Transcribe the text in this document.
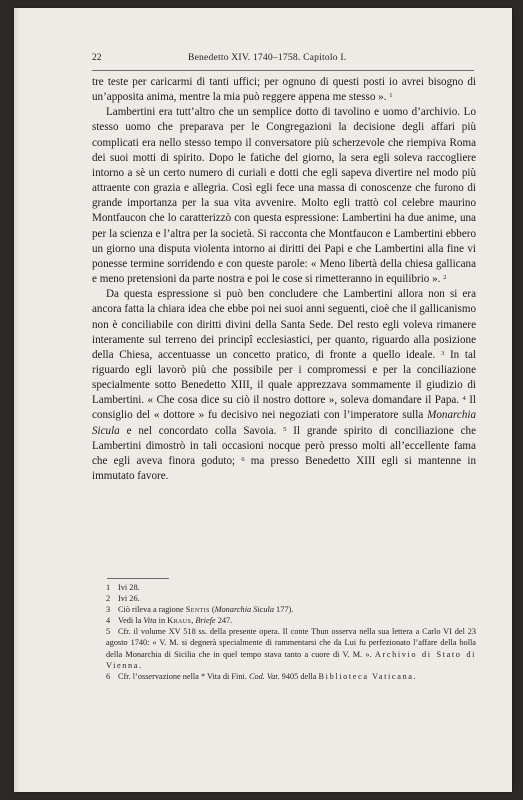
22	Benedetto XIV. 1740–1758. Capitolo I.

tre teste per caricarmi di tanti uffici; per ognuno di questi posti io avrei bisogno di un’apposita anima, mentre la mia può reggere appena me stesso ». $^1$

Lambertini era tutt’altro che un semplice dotto di tavolino e uomo d’archivio. Lo stesso uomo che preparava per le Congregazioni la decisione degli affari più complicati era nello stesso tempo il conversatore più scherzevole che riempiva Roma dei suoi motti di spirito. Dopo le fatiche del giorno, la sera egli soleva raccogliere intorno a sè un certo numero di curiali e dotti che egli sapeva divertire nel modo più attraente con grazia e allegria. Così egli fece una massa di conoscenze che furono di grande importanza per la sua vita avvenire. Molto egli trattò col celebre maurino Montfaucon che lo caratterizzò con questa espressione: Lambertini ha due anime, una per la scienza e l’altra per la società. Si racconta che Montfaucon e Lambertini ebbero un giorno una disputa violenta intorno ai diritti dei Papi e che Lambertini alla fine vi ponesse termine sorridendo e con queste parole: « Meno libertà della chiesa gallicana e meno pretensioni da parte nostra e poi le cose si rimetteranno in equilibrio ». $^2$

Da questa espressione si può ben concludere che Lambertini allora non si era ancora fatta la chiara idea che ebbe poi nei suoi anni seguenti, cioè che il gallicanismo non è conciliabile con diritti divini della Santa Sede. Del resto egli voleva rimanere interamente sul terreno dei principî ecclesiastici, per quanto, riguardo alla posizione della Chiesa, accentuasse un concetto pratico, di fronte a quello ideale. $^3$ In tal riguardo egli lavorò più che possibile per i compromessi e per la conciliazione specialmente sotto Benedetto XIII, il quale apprezzava sommamente il giudizio di Lambertini. « Che cosa dice su ciò il nostro dottore », soleva domandare il Papa. $^4$ Il consiglio del « dottore » fu decisivo nei negoziati con l’imperatore sulla Monarchia Sicula e nel concordato colla Savoia. $^5$ Il grande spirito di conciliazione che Lambertini dimostrò in tali occasioni nocque però presso molti all’eccellente fama che egli aveva finora goduto; $^6$ ma presso Benedetto XIII egli si mantenne in immutato favore.

1 Ivi 28.

2 Ivi 26.

3 Ciò rileva a ragione Sentis (Monarchia Sicula 177).

4 Vedi la Vita in Kraus, Briefe 247.

5 Cfr. il volume XV 518 ss. della presente opera. Il conte Thun osserva nella sua lettera a Carlo VI del 23 agosto 1740: « V. M. si degnerà specialmente di rammentarsi che da Lui fu perfezionato l’affare della bolla della Monarchia di Sicilia che in quel tempo stava tanto a cuore di V. M. ». Archivio di Stato di Vienna.

6 Cfr. l’osservazione nella * Vita di Fini. Cod. Vat. 9405 della Biblioteca Vaticana.
